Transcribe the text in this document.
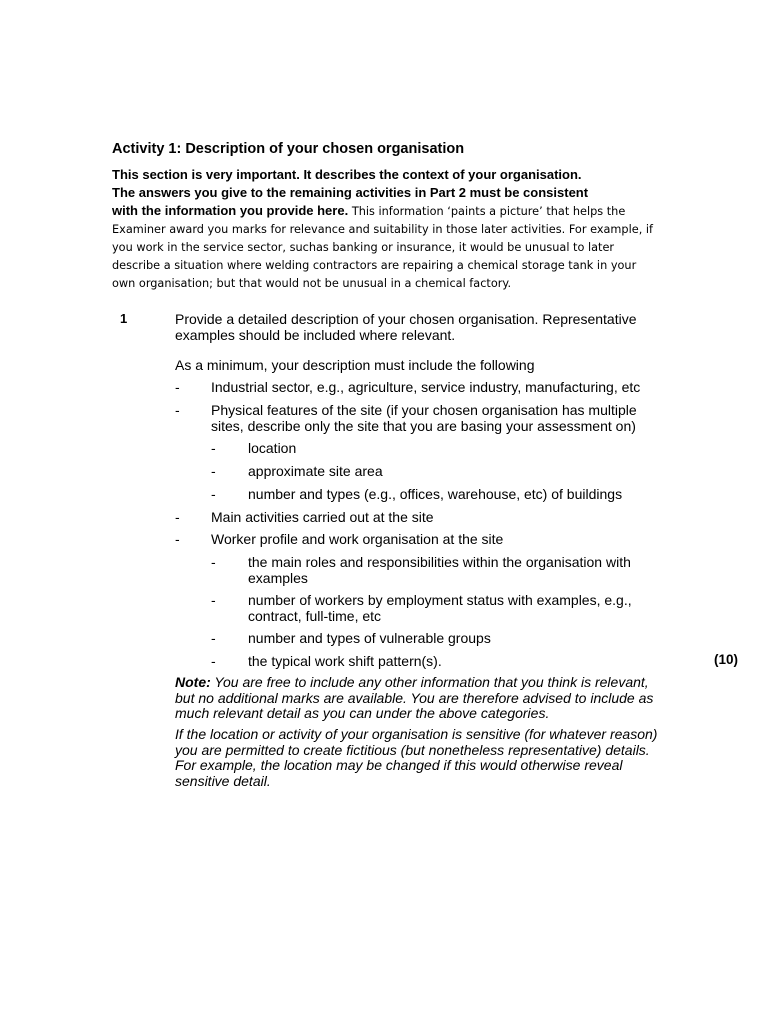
Activity 1: Description of your chosen organisation
This section is very important. It describes the context of your organisation.
The answers you give to the remaining activities in Part 2 must be consistent
with the information you provide here. This information ‘paints a picture’ that helps the
Examiner award you marks for relevance and suitability in those later activities. For example, if
you work in the service sector, suchas banking or insurance, it would be unusual to later
describe a situation where welding contractors are repairing a chemical storage tank in your
own organisation; but that would not be unusual in a chemical factory.
1	Provide a detailed description of your chosen organisation. Representative
examples should be included where relevant.
As a minimum, your description must include the following
- Industrial sector, e.g., agriculture, service industry, manufacturing, etc
- Physical features of the site (if your chosen organisation has multiple
sites, describe only the site that you are basing your assessment on)
- location
- approximate site area
- number and types (e.g., offices, warehouse, etc) of buildings
- Main activities carried out at the site
- Worker profile and work organisation at the site
- the main roles and responsibilities within the organisation with
examples
- number of workers by employment status with examples, e.g.,
contract, full-time, etc
- number and types of vulnerable groups
- the typical work shift pattern(s).	(10)
Note: You are free to include any other information that you think is relevant,
but no additional marks are available. You are therefore advised to include as
much relevant detail as you can under the above categories.
If the location or activity of your organisation is sensitive (for whatever reason)
you are permitted to create fictitious (but nonetheless representative) details.
For example, the location may be changed if this would otherwise reveal
sensitive detail.
